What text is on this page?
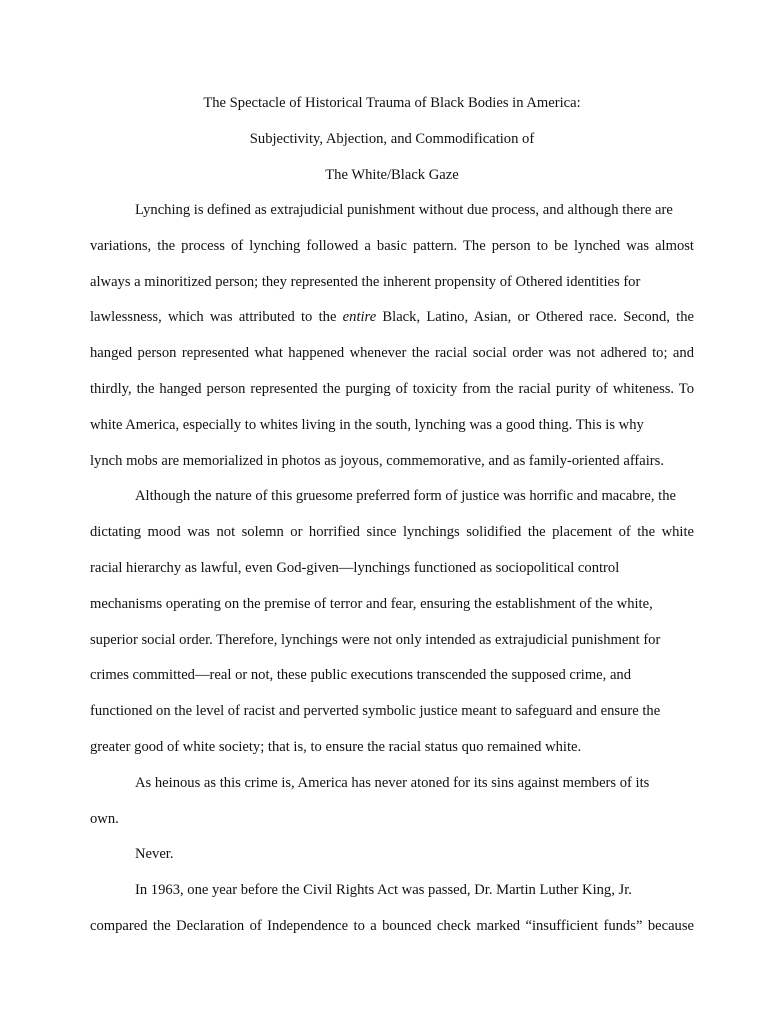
The Spectacle of Historical Trauma of Black Bodies in America:
Subjectivity, Abjection, and Commodification of
The White/Black Gaze
Lynching is defined as extrajudicial punishment without due process, and although there are
variations, the process of lynching followed a basic pattern. The person to be lynched was almost
always a minoritized person; they represented the inherent propensity of Othered identities for
lawlessness, which was attributed to the entire Black, Latino, Asian, or Othered race. Second, the
hanged person represented what happened whenever the racial social order was not adhered to; and
thirdly, the hanged person represented the purging of toxicity from the racial purity of whiteness. To
white America, especially to whites living in the south, lynching was a good thing. This is why
lynch mobs are memorialized in photos as joyous, commemorative, and as family-oriented affairs.
Although the nature of this gruesome preferred form of justice was horrific and macabre, the
dictating mood was not solemn or horrified since lynchings solidified the placement of the white
racial hierarchy as lawful, even God-given—lynchings functioned as sociopolitical control
mechanisms operating on the premise of terror and fear, ensuring the establishment of the white,
superior social order. Therefore, lynchings were not only intended as extrajudicial punishment for
crimes committed—real or not, these public executions transcended the supposed crime, and
functioned on the level of racist and perverted symbolic justice meant to safeguard and ensure the
greater good of white society; that is, to ensure the racial status quo remained white.
As heinous as this crime is, America has never atoned for its sins against members of its
own.
Never.
In 1963, one year before the Civil Rights Act was passed, Dr. Martin Luther King, Jr.
compared the Declaration of Independence to a bounced check marked “insufficient funds” because
